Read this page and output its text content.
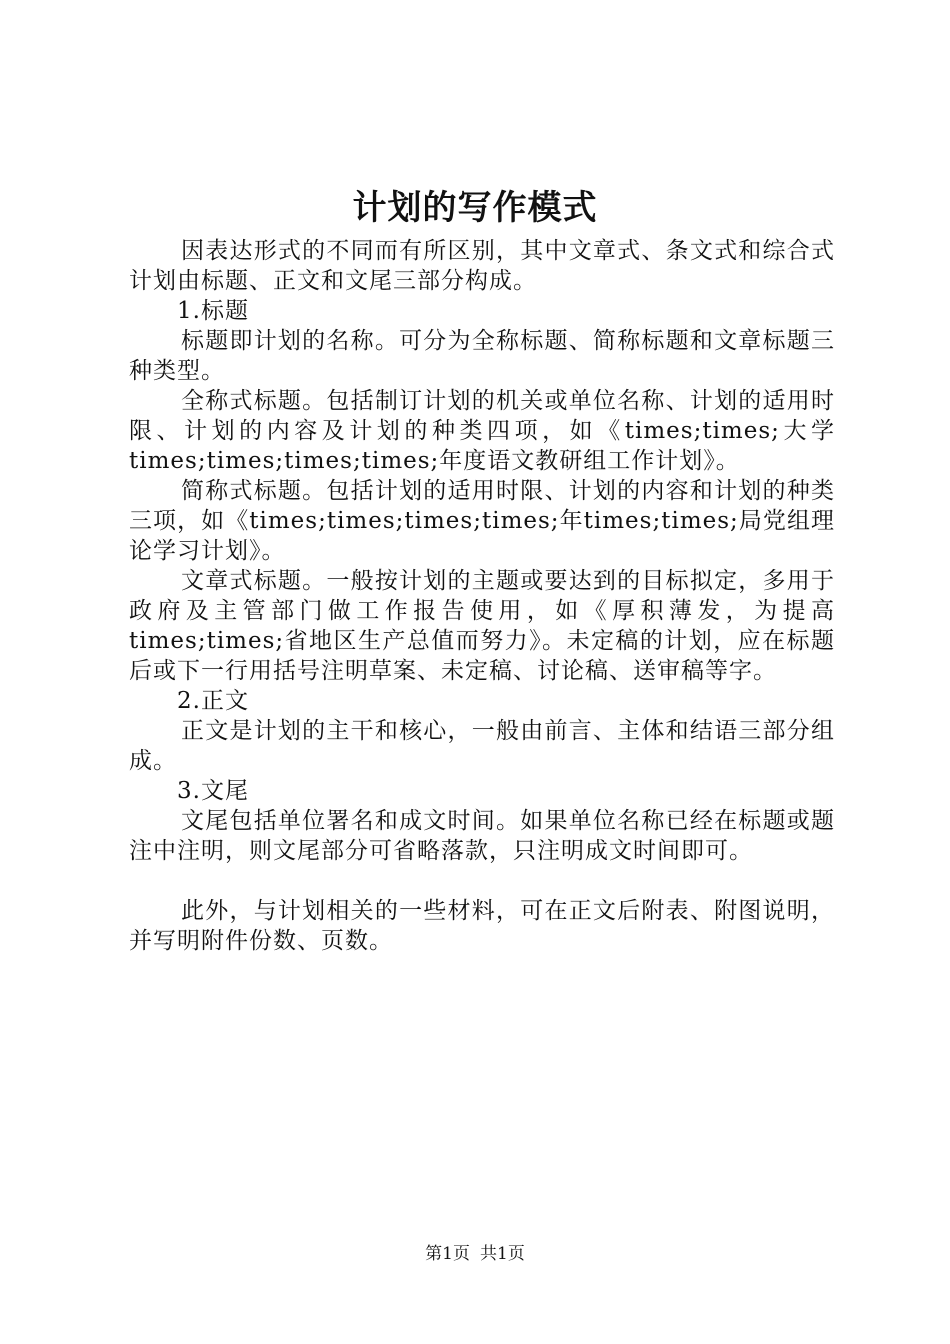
计划的写作模式

因表达形式的不同而有所区别，其中文章式、条文式和综合式计划由标题、正文和文尾三部分构成。

1.标题

标题即计划的名称。可分为全称标题、简称标题和文章标题三种类型。

全称式标题。包括制订计划的机关或单位名称、计划的适用时限、计划的内容及计划的种类四项，如《times;times;大学times;times;times;times;年度语文教研组工作计划》。

简称式标题。包括计划的适用时限、计划的内容和计划的种类三项，如《times;times;times;times;年times;times;局党组理论学习计划》。

文章式标题。一般按计划的主题或要达到的目标拟定，多用于政府及主管部门做工作报告使用，如《厚积薄发，为提高times;times;省地区生产总值而努力》。未定稿的计划，应在标题后或下一行用括号注明草案、未定稿、讨论稿、送审稿等字。

2.正文

正文是计划的主干和核心，一般由前言、主体和结语三部分组成。

3.文尾

文尾包括单位署名和成文时间。如果单位名称已经在标题或题注中注明，则文尾部分可省略落款，只注明成文时间即可。

此外，与计划相关的一些材料，可在正文后附表、附图说明，并写明附件份数、页数。

第1页 共1页
